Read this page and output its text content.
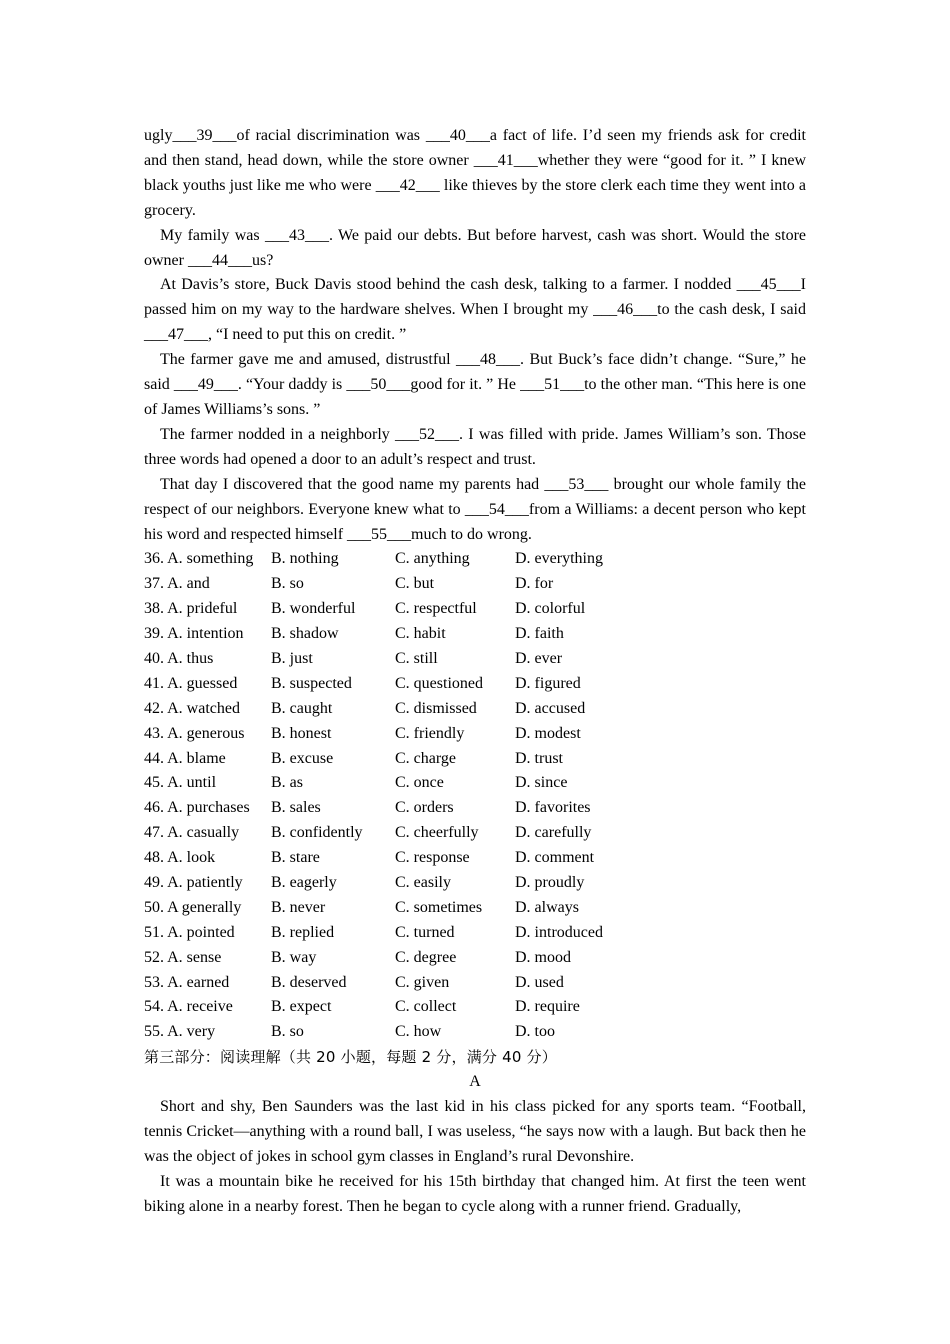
ugly___39___of racial discrimination was ___40___a fact of life. I’d seen my friends ask for credit and then stand, head down, while the store owner ___41___whether they were “good for it. ” I knew black youths just like me who were ___42___ like thieves by the store clerk each time they went into a grocery.

My family was ___43___. We paid our debts. But before harvest, cash was short. Would the store owner ___44___us?

At Davis’s store, Buck Davis stood behind the cash desk, talking to a farmer. I nodded ___45___I passed him on my way to the hardware shelves. When I brought my ___46___to the cash desk, I said ___47___, “I need to put this on credit. ”

The farmer gave me and amused, distrustful ___48___. But Buck’s face didn’t change. “Sure,” he said ___49___. “Your daddy is ___50___good for it. ” He ___51___to the other man. “This here is one of James Williams’s sons. ”

The farmer nodded in a neighborly ___52___. I was filled with pride. James William’s son. Those three words had opened a door to an adult’s respect and trust.

That day I discovered that the good name my parents had ___53___ brought our whole family the respect of our neighbors. Everyone knew what to ___54___from a Williams: a decent person who kept his word and respected himself ___55___much to do wrong.

36. A. something	B. nothing	C. anything	D. everything
37. A. and	B. so	C. but	D. for
38. A. prideful	B. wonderful	C. respectful	D. colorful
39. A. intention	B. shadow	C. habit	D. faith
40. A. thus	B. just	C. still	D. ever
41. A. guessed	B. suspected	C. questioned	D. figured
42. A. watched	B. caught	C. dismissed	D. accused
43. A. generous	B. honest	C. friendly	D. modest
44. A. blame	B. excuse	C. charge	D. trust
45. A. until	B. as	C. once	D. since
46. A. purchases	B. sales	C. orders	D. favorites
47. A. casually	B. confidently	C. cheerfully	D. carefully
48. A. look	B. stare	C. response	D. comment
49. A. patiently	B. eagerly	C. easily	D. proudly
50. A generally	B. never	C. sometimes	D. always
51. A. pointed	B. replied	C. turned	D. introduced
52. A. sense	B. way	C. degree	D. mood
53. A. earned	B. deserved	C. given	D. used
54. A. receive	B. expect	C. collect	D. require
55. A. very	B. so	C. how	D. too

第三部分：阅读理解（共 20 小题，每题 2 分，满分 40 分）

A

Short and shy, Ben Saunders was the last kid in his class picked for any sports team. “Football, tennis Cricket—anything with a round ball, I was useless, “he says now with a laugh. But back then he was the object of jokes in school gym classes in England’s rural Devonshire.

It was a mountain bike he received for his 15th birthday that changed him. At first the teen went biking alone in a nearby forest. Then he began to cycle along with a runner friend. Gradually,
